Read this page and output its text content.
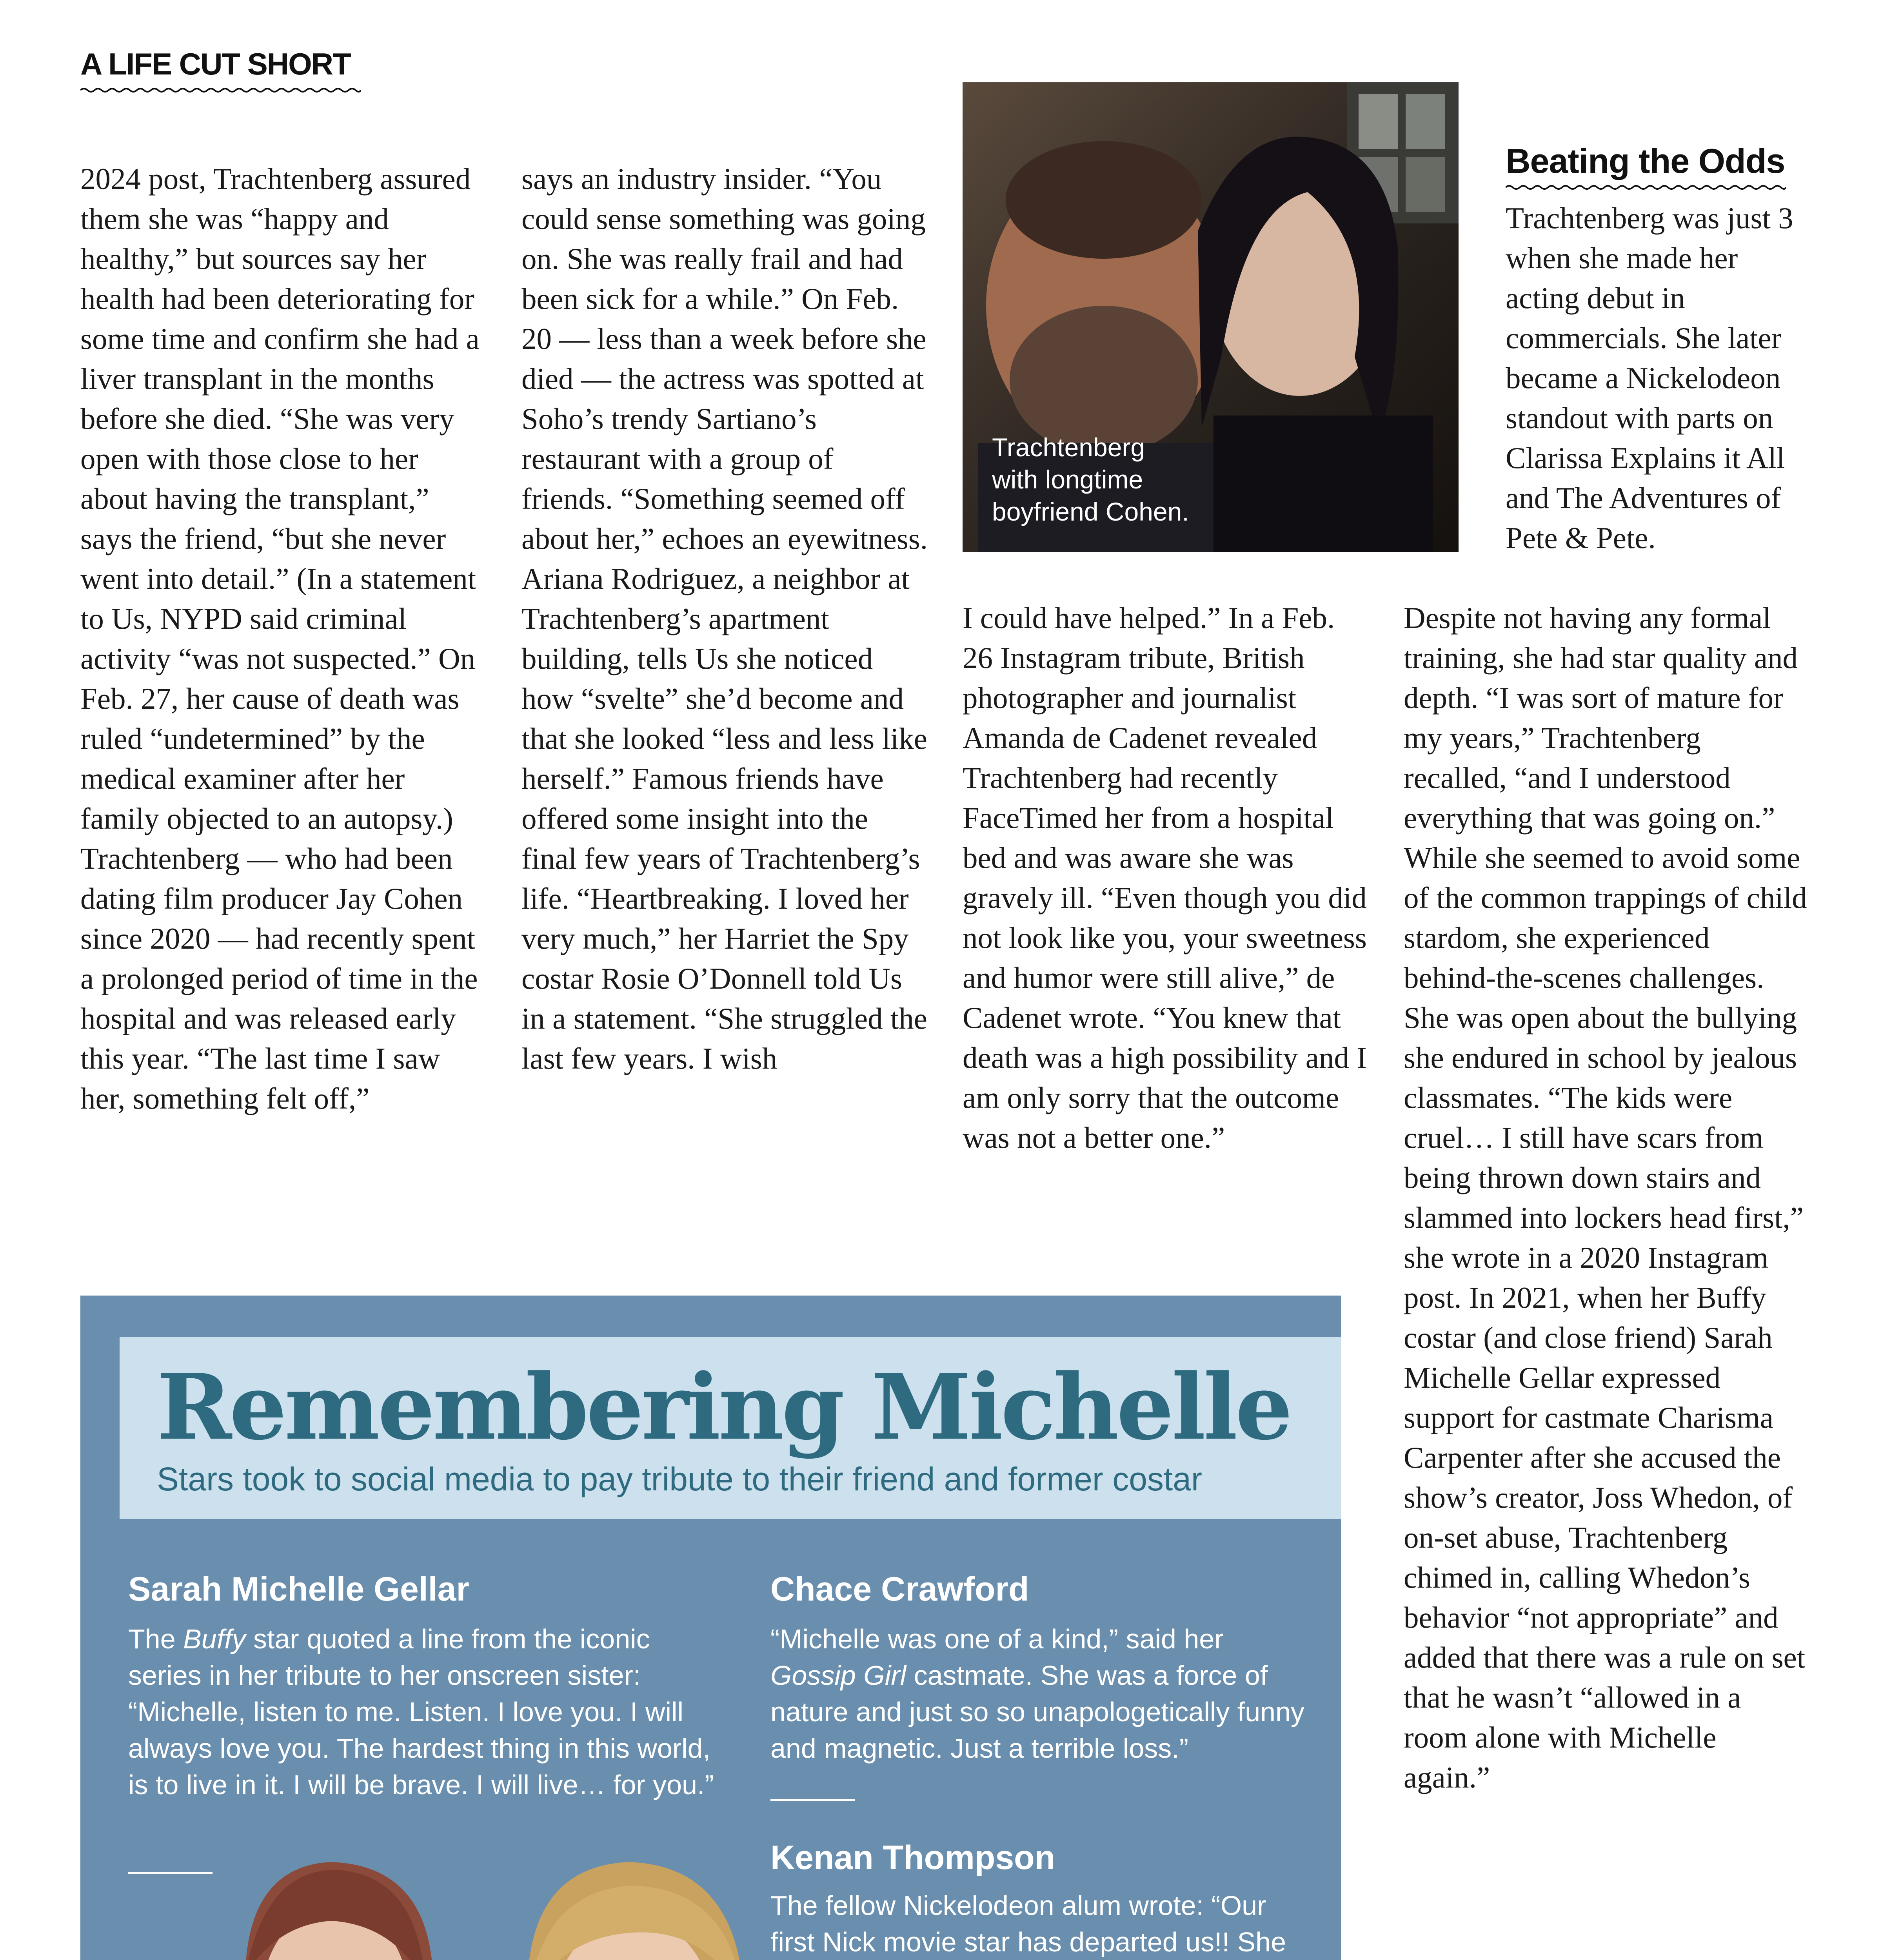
A LIFE CUT SHORT
2024 post, Trachtenberg assured them she was “happy and healthy,” but sources say her health had been deteriorating for some time and confirm she had a liver transplant in the months before she died. “She was very open with those close to her about having the transplant,” says the friend, “but she never went into detail.” (In a statement to Us, NYPD said criminal activity “was not suspected.” On Feb. 27, her cause of death was ruled “undetermined” by the medical examiner after her family objected to an autopsy.) Trachtenberg — who had been dating film producer Jay Cohen since 2020 — had recently spent a prolonged period of time in the hospital and was released early this year. “The last time I saw her, something felt off,”
says an industry insider. “You could sense something was going on. She was really frail and had been sick for a while.” On Feb. 20 — less than a week before she died — the actress was spotted at Soho’s trendy Sartiano’s restaurant with a group of friends. “Something seemed off about her,” echoes an eyewitness. Ariana Rodriguez, a neighbor at Trachtenberg’s apartment building, tells Us she noticed how “svelte” she’d become and that she looked “less and less like herself.” Famous friends have offered some insight into the final few years of Trachtenberg’s life. “Heartbreaking. I loved her very much,” her Harriet the Spy costar Rosie O’Donnell told Us in a statement. “She struggled the last few years. I wish
Trachtenberg
with longtime
boyfriend Cohen.
I could have helped.” In a Feb. 26 Instagram tribute, British photographer and journalist Amanda de Cadenet revealed Trachtenberg had recently FaceTimed her from a hospital bed and was aware she was gravely ill. “Even though you did not look like you, your sweetness and humor were still alive,” de Cadenet wrote. “You knew that death was a high possibility and I am only sorry that the outcome was not a better one.”
Beating the Odds
Trachtenberg was just 3 when she made her acting debut in commercials. She later became a Nickelodeon standout with parts on Clarissa Explains it All and The Adventures of Pete & Pete.
Despite not having any formal training, she had star quality and depth. “I was sort of mature for my years,” Trachtenberg recalled, “and I understood everything that was going on.” While she seemed to avoid some of the common trappings of child stardom, she experienced behind-the-scenes challenges. She was open about the bullying she endured in school by jealous classmates. “The kids were cruel… I still have scars from being thrown down stairs and slammed into lockers head first,” she wrote in a 2020 Instagram post. In 2021, when her Buffy costar (and close friend) Sarah Michelle Gellar expressed support for castmate Charisma Carpenter after she accused the show’s creator, Joss Whedon, of on-set abuse, Trachtenberg chimed in, calling Whedon’s behavior “not appropriate” and added that there was a rule on set that he wasn’t “allowed in a room alone with Michelle again.”
Remembering Michelle
Stars took to social media to pay tribute to their friend and former costar
Sarah Michelle Gellar
The Buffy star quoted a line from the iconic series in her tribute to her onscreen sister: “Michelle, listen to me. Listen. I love you. I will always love you. The hardest thing in this world, is to live in it. I will be brave. I will live… for you.”
Chace Crawford
“Michelle was one of a kind,” said her Gossip Girl castmate. She was a force of nature and just so so unapologetically funny and magnetic. Just a terrible loss.”
Kenan Thompson
The fellow Nickelodeon alum wrote: “Our first Nick movie star has departed us!! She
